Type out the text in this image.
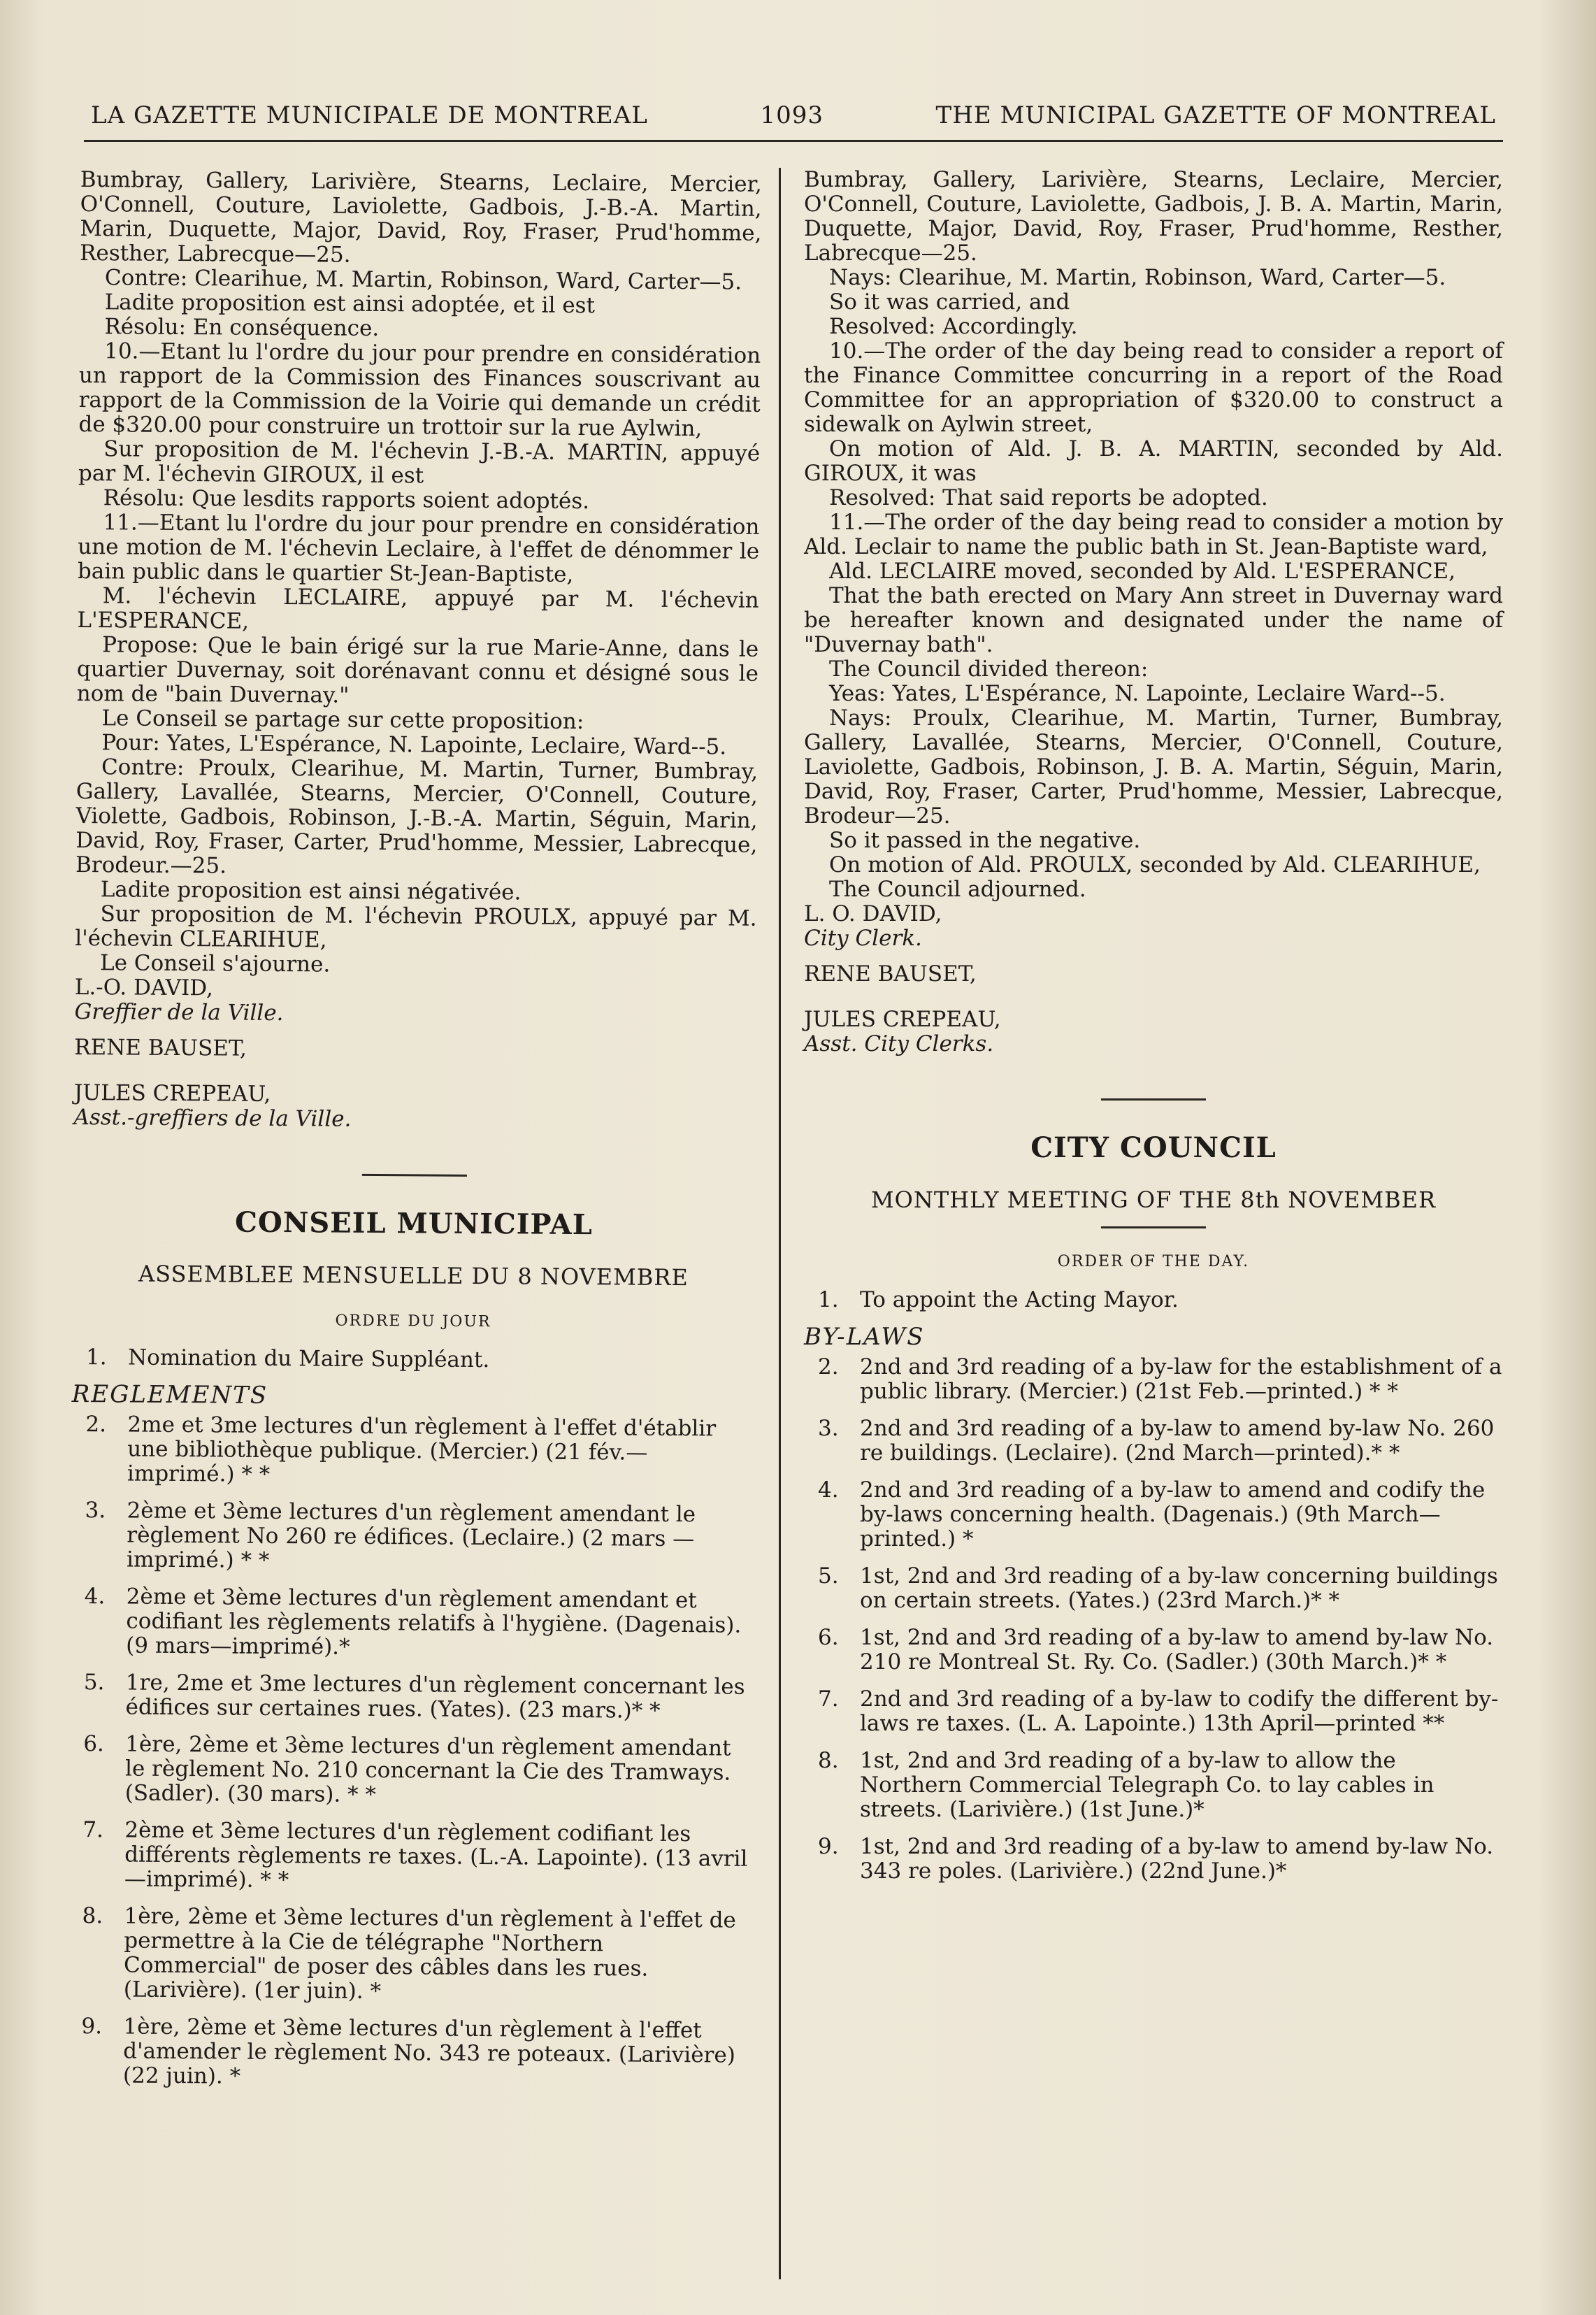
LA GAZETTE MUNICIPALE DE MONTREAL	1093	THE MUNICIPAL GAZETTE OF MONTREAL

Bumbray, Gallery, Larivière, Stearns, Leclaire, Mercier, O'Connell, Couture, Laviolette, Gadbois, J.-B.-A. Martin, Marin, Duquette, Major, David, Roy, Fraser, Prud'homme, Resther, Labrecque—25.

Contre: Clearihue, M. Martin, Robinson, Ward, Carter—5.

Ladite proposition est ainsi adoptée, et il est

Résolu: En conséquence.

10.—Etant lu l'ordre du jour pour prendre en considération un rapport de la Commission des Finances souscrivant au rapport de la Commission de la Voirie qui demande un crédit de $320.00 pour construire un trottoir sur la rue Aylwin,

Sur proposition de M. l'échevin J.-B.-A. MARTIN, appuyé par M. l'échevin GIROUX, il est

Résolu: Que lesdits rapports soient adoptés.

11.—Etant lu l'ordre du jour pour prendre en considération une motion de M. l'échevin Leclaire, à l'effet de dénommer le bain public dans le quartier St-Jean-Baptiste,

M. l'échevin LECLAIRE, appuyé par M. l'échevin L'ESPERANCE,

Propose: Que le bain érigé sur la rue Marie-Anne, dans le quartier Duvernay, soit dorénavant connu et désigné sous le nom de "bain Duvernay."

Le Conseil se partage sur cette proposition:

Pour: Yates, L'Espérance, N. Lapointe, Leclaire, Ward--5.

Contre: Proulx, Clearihue, M. Martin, Turner, Bumbray, Gallery, Lavallée, Stearns, Mercier, O'Connell, Couture, Violette, Gadbois, Robinson, J.-B.-A. Martin, Séguin, Marin, David, Roy, Fraser, Carter, Prud'homme, Messier, Labrecque, Brodeur.—25.

Ladite proposition est ainsi négativée.

Sur proposition de M. l'échevin PROULX, appuyé par M. l'échevin CLEARIHUE,

Le Conseil s'ajourne.

L.-O. DAVID,

Greffier de la Ville.

RENE BAUSET,

JULES CREPEAU,

Asst.-greffiers de la Ville.

CONSEIL MUNICIPAL
ASSEMBLEE MENSUELLE DU 8 NOVEMBRE
ORDRE DU JOUR
1. Nomination du Maire Suppléant.
REGLEMENTS
2. 2me et 3me lectures d'un règlement à l'effet d'établir une bibliothèque publique. (Mercier.) (21 fév.—imprimé.) * *
3. 2ème et 3ème lectures d'un règlement amendant le règlement No 260 re édifices. (Leclaire.) (2 mars —imprimé.) * *
4. 2ème et 3ème lectures d'un règlement amendant et codifiant les règlements relatifs à l'hygiène. (Dagenais). (9 mars—imprimé).*
5. 1re, 2me et 3me lectures d'un règlement concernant les édifices sur certaines rues. (Yates). (23 mars.)* *
6. 1ère, 2ème et 3ème lectures d'un règlement amendant le règlement No. 210 concernant la Cie des Tramways. (Sadler). (30 mars). * *
7. 2ème et 3ème lectures d'un règlement codifiant les différents règlements re taxes. (L.-A. Lapointe). (13 avril—imprimé). * *
8. 1ère, 2ème et 3ème lectures d'un règlement à l'effet de permettre à la Cie de télégraphe "Northern Commercial" de poser des câbles dans les rues. (Larivière). (1er juin). *
9. 1ère, 2ème et 3ème lectures d'un règlement à l'effet d'amender le règlement No. 343 re poteaux. (Larivière) (22 juin). *

Bumbray, Gallery, Larivière, Stearns, Leclaire, Mercier, O'Connell, Couture, Laviolette, Gadbois, J. B. A. Martin, Marin, Duquette, Major, David, Roy, Fraser, Prud'homme, Resther, Labrecque—25.

Nays: Clearihue, M. Martin, Robinson, Ward, Carter—5.

So it was carried, and

Resolved: Accordingly.

10.—The order of the day being read to consider a report of the Finance Committee concurring in a report of the Road Committee for an appropriation of $320.00 to construct a sidewalk on Aylwin street,

On motion of Ald. J. B. A. MARTIN, seconded by Ald. GIROUX, it was

Resolved: That said reports be adopted.

11.—The order of the day being read to consider a motion by Ald. Leclair to name the public bath in St. Jean-Baptiste ward,

Ald. LECLAIRE moved, seconded by Ald. L'ESPERANCE,

That the bath erected on Mary Ann street in Duvernay ward be hereafter known and designated under the name of "Duvernay bath".

The Council divided thereon:

Yeas: Yates, L'Espérance, N. Lapointe, Leclaire Ward--5.

Nays: Proulx, Clearihue, M. Martin, Turner, Bumbray, Gallery, Lavallée, Stearns, Mercier, O'Connell, Couture, Laviolette, Gadbois, Robinson, J. B. A. Martin, Séguin, Marin, David, Roy, Fraser, Carter, Prud'homme, Messier, Labrecque, Brodeur—25.

So it passed in the negative.

On motion of Ald. PROULX, seconded by Ald. CLEARIHUE,

The Council adjourned.

L. O. DAVID,

City Clerk.

RENE BAUSET,

JULES CREPEAU,

Asst. City Clerks.

CITY COUNCIL
MONTHLY MEETING OF THE 8th NOVEMBER
ORDER OF THE DAY.
1. To appoint the Acting Mayor.
BY-LAWS
2. 2nd and 3rd reading of a by-law for the establishment of a public library. (Mercier.) (21st Feb.—printed.) * *
3. 2nd and 3rd reading of a by-law to amend by-law No. 260 re buildings. (Leclaire). (2nd March—printed).* *
4. 2nd and 3rd reading of a by-law to amend and codify the by-laws concerning health. (Dagenais.) (9th March—printed.) *
5. 1st, 2nd and 3rd reading of a by-law concerning buildings on certain streets. (Yates.) (23rd March.)* *
6. 1st, 2nd and 3rd reading of a by-law to amend by-law No. 210 re Montreal St. Ry. Co. (Sadler.) (30th March.)* *
7. 2nd and 3rd reading of a by-law to codify the different by-laws re taxes. (L. A. Lapointe.) 13th April—printed **
8. 1st, 2nd and 3rd reading of a by-law to allow the Northern Commercial Telegraph Co. to lay cables in streets. (Larivière.) (1st June.)*
9. 1st, 2nd and 3rd reading of a by-law to amend by-law No. 343 re poles. (Larivière.) (22nd June.)*
